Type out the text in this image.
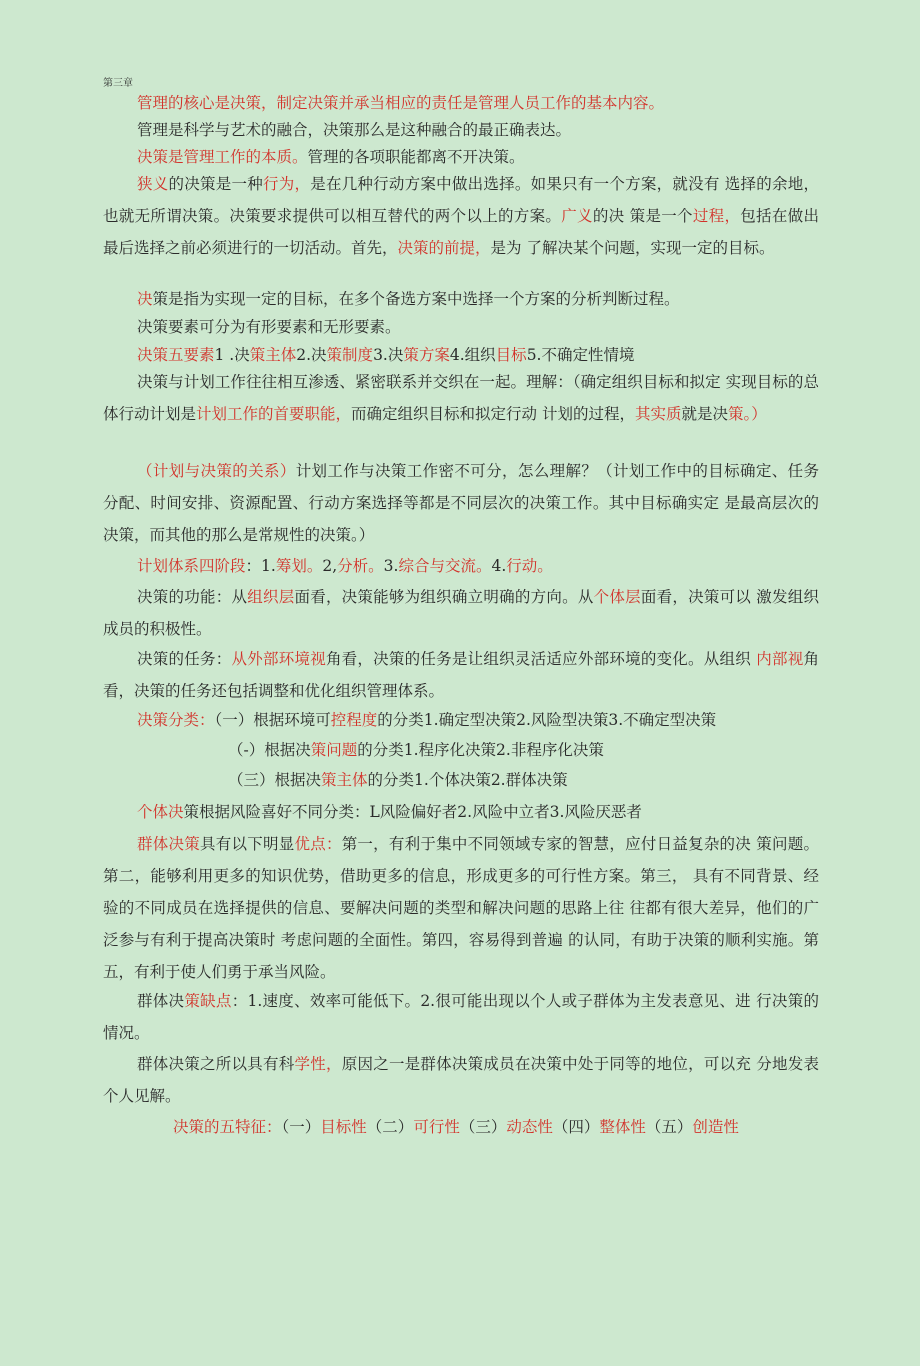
第三章

管理的核心是决策，制定决策并承当相应的责任是管理人员工作的基本内容。

管理是科学与艺术的融合，决策那么是这种融合的最正确表达。

决策是管理工作的本质。管理的各项职能都离不开决策。

狭义的决策是一种行为，是在几种行动方案中做出选择。如果只有一个方案，就没有 选择的余地，也就无所谓决策。决策要求提供可以相互替代的两个以上的方案。广义的决 策是一个过程，包括在做出最后选择之前必须进行的一切活动。首先，决策的前提，是为 了解决某个问题，实现一定的目标。

决策是指为实现一定的目标，在多个备选方案中选择一个方案的分析判断过程。

决策要素可分为有形要素和无形要素。

决策五要素1 .决策主体2.决策制度3.决策方案4.组织目标5.不确定性情境

决策与计划工作往往相互渗透、紧密联系并交织在一起。理解：（确定组织目标和拟定 实现目标的总体行动计划是计划工作的首要职能，而确定组织目标和拟定行动 计划的过程，其实质就是决策。）

（计划与决策的关系）计划工作与决策工作密不可分，怎么理解？（计划工作中的目标确定、任务分配、时间安排、资源配置、行动方案选择等都是不同层次的决策工作。其中目标确实定 是最高层次的决策，而其他的那么是常规性的决策。）

计划体系四阶段：1.筹划。2,分析。3.综合与交流。4.行动。

决策的功能：从组织层面看，决策能够为组织确立明确的方向。从个体层面看，决策可以 激发组织成员的积极性。

决策的任务：从外部环境视角看，决策的任务是让组织灵活适应外部环境的变化。从组织 内部视角看，决策的任务还包括调整和优化组织管理体系。

决策分类：（一）根据环境可控程度的分类1.确定型决策2.风险型决策3.不确定型决策

（-）根据决策问题的分类1.程序化决策2.非程序化决策

（三）根据决策主体的分类1.个体决策2.群体决策

个体决策根据风险喜好不同分类：L风险偏好者2.风险中立者3.风险厌恶者

群体决策具有以下明显优点：第一，有利于集中不同领域专家的智慧，应付日益复杂的决 策问题。第二，能够利用更多的知识优势，借助更多的信息，形成更多的可行性方案。第三， 具有不同背景、经验的不同成员在选择提供的信息、要解决问题的类型和解决问题的思路上往 往都有很大差异，他们的广泛参与有利于提高决策时 考虑问题的全面性。第四，容易得到普遍 的认同，有助于决策的顺利实施。第五，有利于使人们勇于承当风险。

群体决策缺点：1.速度、效率可能低下。2.很可能出现以个人或子群体为主发表意见、进 行决策的情况。

群体决策之所以具有科学性，原因之一是群体决策成员在决策中处于同等的地位，可以充 分地发表个人见解。

决策的五特征：（一）目标性（二）可行性（三）动态性（四）整体性（五）创造性
